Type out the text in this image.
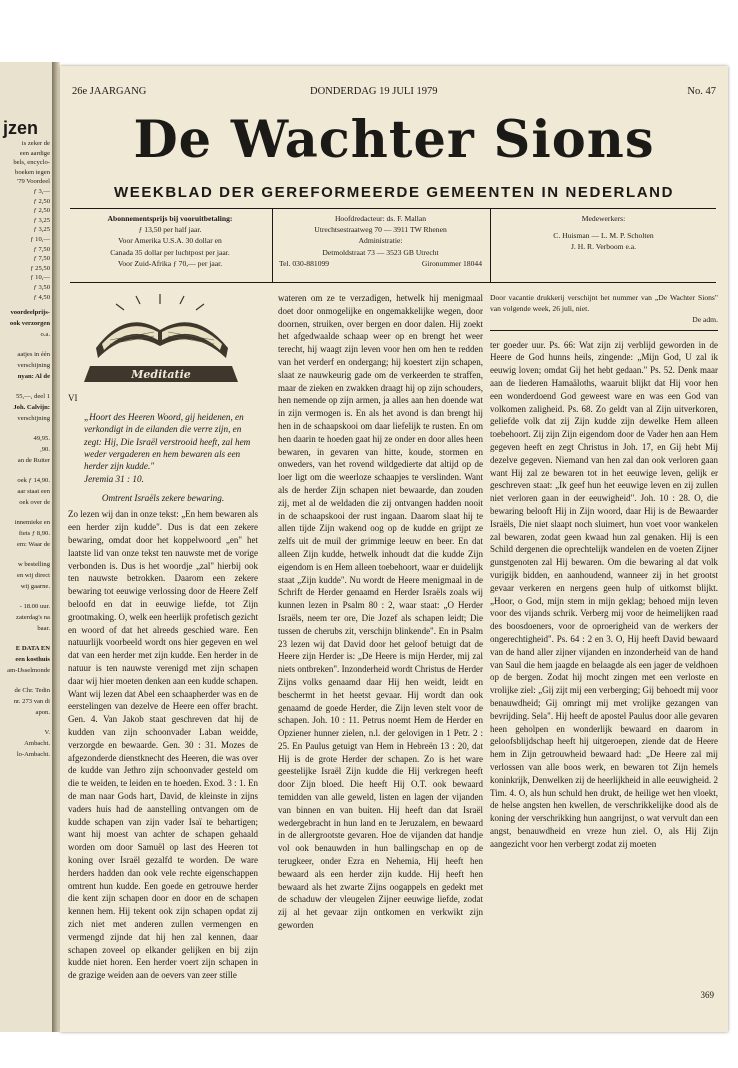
jzen
is zeker de
een aardige
bels, encyclo-
boeken tegen
'79 Voordeel
ƒ 3,—
ƒ 2,50
ƒ 2,50
ƒ 3,25
ƒ 3,25
ƒ 10,—
ƒ 7,50
ƒ 7,50
ƒ 25,50
ƒ 10,—
ƒ 3,50
ƒ 4,50
voordeelprijs-
ook verzorgen
o.a.
aatjes in één
verschijning
nyan: Al de
55,—, deel 1
Joh. Calvijn:
verschijning
49,95.
,90.
an de Ruiter
oek ƒ 14,90.
aar staat een
oek over de
innemieke en
fiets ƒ 8,90.
em: Waar de
w bestelling
en wij direct
wij gaarne.
- 18.00 uur.
zaterdag's na
baar.
E DATA EN
een kosthuis
am-IJsselmonde
de Chr. Tedin
nr. 273 van di
apon.
V.
Ambacht.
lo-Ambacht.
26e JAARGANG	DONDERDAG 19 JULI 1979	No. 47
De Wachter Sions
WEEKBLAD DER GEREFORMEERDE GEMEENTEN IN NEDERLAND
Abonnementsprijs bij vooruitbetaling:
ƒ 13,50 per half jaar.
Voor Amerika U.S.A. 30 dollar en
Canada 35 dollar per luchtpost per jaar.
Voor Zuid-Afrika ƒ 70,— per jaar.
Hoofdredacteur: ds. F. Mallan
Utrechtsestraatweg 70 — 3911 TW Rhenen
Administratie:
Detmoldstraat 73 — 3523 GB Utrecht
Tel. 030-881099	Gironummer 18044
Medewerkers:
C. Huisman — L. M. P. Scholten
J. H. R. Verboom e.a.
Meditatie
VI
„Hoort des Heeren Woord, gij heidenen, en verkondigt in de eilanden die verre zijn, en zegt: Hij, Die Israël verstrooid heeft, zal hem weder vergaderen en hem bewaren als een herder zijn kudde."
Jeremia 31 : 10.
Omtrent Israëls zekere bewaring.

Zo lezen wij dan in onze tekst: „En hem bewaren als een herder zijn kudde". Dus is dat een zekere bewaring, omdat door het koppelwoord „en" het laatste lid van onze tekst ten nauwste met de vorige verbonden is. Dus is het woordje „zal" hierbij ook ten nauwste betrokken. Daarom een zekere bewaring tot eeuwige verlossing door de Heere Zelf beloofd en dat in eeuwige liefde, tot Zijn grootmaking. O, welk een heerlijk profetisch gezicht en woord of dat het alreeds geschied ware. Een natuurlijk voorbeeld wordt ons hier gegeven en wel dat van een herder met zijn kudde. Een herder in de natuur is ten nauwste verenigd met zijn schapen daar wij hier moeten denken aan een kudde schapen. Want wij lezen dat Abel een schaapherder was en de eerstelingen van dezelve de Heere een offer bracht. Gen. 4. Van Jakob staat geschreven dat hij de kudden van zijn schoonvader Laban weidde, verzorgde en bewaarde. Gen. 30 : 31. Mozes de afgezonderde dienstknecht des Heeren, die was over de kudde van Jethro zijn schoonvader gesteld om die te weiden, te leiden en te hoeden. Exod. 3 : 1. En de man naar Gods hart, David, de kleinste in zijns vaders huis had de aanstelling ontvangen om de kudde schapen van zijn vader Isaï te behartigen; want hij moest van achter de schapen gehaald worden om door Samuël op last des Heeren tot koning over Israël gezalfd te worden. De ware herders hadden dan ook vele rechte eigenschappen omtrent hun kudde. Een goede en getrouwe herder die kent zijn schapen door en door en de schapen kennen hem. Hij tekent ook zijn schapen opdat zij zich niet met anderen zullen vermengen en vermengd zijnde dat hij hen zal kennen, daar schapen zoveel op elkander gelijken en bij zijn kudde niet horen. Een herder voert zijn schapen in de grazige weiden aan de oevers van zeer stille

wateren om ze te verzadigen, hetwelk hij menigmaal doet door onmogelijke en ongemakkelijke wegen, door doornen, struiken, over bergen en door dalen. Hij zoekt het afgedwaalde schaap weer op en brengt het weer terecht, hij waagt zijn leven voor hen om hen te redden van het verderf en ondergang; hij koestert zijn schapen, slaat ze nauwkeurig gade om de verkeerden te straffen, maar de zieken en zwakken draagt hij op zijn schouders, hen nemende op zijn armen, ja alles aan hen doende wat in zijn vermogen is. En als het avond is dan brengt hij hen in de schaapskooi om daar liefelijk te rusten. En om hen daarin te hoeden gaat hij ze onder en door alles heen bewaren, in gevaren van hitte, koude, stormen en onweders, van het rovend wildgedierte dat altijd op de loer ligt om die weerloze schaapjes te verslinden. Want als de herder Zijn schapen niet bewaarde, dan zouden zij, met al de weldaden die zij ontvangen hadden nooit in de schaapskooi der rust ingaan. Daarom slaat hij te allen tijde Zijn wakend oog op de kudde en grijpt ze zelfs uit de muil der grimmige leeuw en beer. En dat alleen Zijn kudde, hetwelk inhoudt dat die kudde Zijn eigendom is en Hem alleen toebehoort, waar er duidelijk staat „Zijn kudde". Nu wordt de Heere menigmaal in de Schrift de Herder genaamd en Herder Israëls zoals wij kunnen lezen in Psalm 80 : 2, waar staat: „O Herder Israëls, neem ter ore, Die Jozef als schapen leidt; Die tussen de cherubs zit, verschijn blinkende". En in Psalm 23 lezen wij dat David door het geloof betuigt dat de Heere zijn Herder is: „De Heere is mijn Herder, mij zal niets ontbreken". Inzonderheid wordt Christus de Herder Zijns volks genaamd daar Hij hen weidt, leidt en beschermt in het heetst gevaar. Hij wordt dan ook genaamd de goede Herder, die Zijn leven stelt voor de schapen. Joh. 10 : 11. Petrus noemt Hem de Herder en Opziener hunner zielen, n.l. der gelovigen in 1 Petr. 2 : 25. En Paulus getuigt van Hem in Hebreën 13 : 20, dat Hij is de grote Herder der schapen. Zo is het ware geestelijke Israël Zijn kudde die Hij verkregen heeft door Zijn bloed. Die heeft Hij O.T. ook bewaard temidden van alle geweld, listen en lagen der vijanden van binnen en van buiten. Hij heeft dan dat Israël wedergebracht in hun land en te Jeruzalem, en bewaard in de allergrootste gevaren. Hoe de vijanden dat handje vol ook benauwden in hun ballingschap en op de terugkeer, onder Ezra en Nehemia, Hij heeft hen bewaard als een herder zijn kudde. Hij heeft hen bewaard als het zwarte Zijns oogappels en gedekt met de schaduw der vleugelen Zijner eeuwige liefde, zodat zij al het gevaar zijn ontkomen en verkwikt zijn geworden

Door vacantie drukkerij verschijnt het nummer van „De Wachter Sions" van volgende week, 26 juli, niet.
De adm.

ter goeder uur. Ps. 66: Wat zijn zij verblijd geworden in de Heere de God hunns heils, zingende: „Mijn God, U zal ik eeuwig loven; omdat Gij het hebt gedaan." Ps. 52. Denk maar aan de liederen Hamaäloths, waaruit blijkt dat Hij voor hen een wonderdoend God geweest ware en was een God van volkomen zaligheid. Ps. 68. Zo geldt van al Zijn uitverkoren, geliefde volk dat zij Zijn kudde zijn dewelke Hem alleen toebehoort. Zij zijn Zijn eigendom door de Vader hen aan Hem gegeven heeft en zegt Christus in Joh. 17, en Gij hebt Mij dezelve gegeven. Niemand van hen zal dan ook verloren gaan want Hij zal ze bewaren tot in het eeuwige leven, gelijk er geschreven staat: „Ik geef hun het eeuwige leven en zij zullen niet verloren gaan in der eeuwigheid". Joh. 10 : 28. O, die bewaring belooft Hij in Zijn woord, daar Hij is de Bewaarder Israëls, Die niet slaapt noch sluimert, hun voet voor wankelen zal bewaren, zodat geen kwaad hun zal genaken. Hij is een Schild dergenen die oprechtelijk wandelen en de voeten Zijner gunstgenoten zal Hij bewaren. Om die bewaring al dat volk vurigijk bidden, en aanhoudend, wanneer zij in het grootst gevaar verkeren en nergens geen hulp of uitkomst blijkt. „Hoor, o God, mijn stem in mijn geklag; behoed mijn leven voor des vijands schrik. Verberg mij voor de heimelijken raad des boosdoeners, voor de oproerigheid van de werkers der ongerechtigheid". Ps. 64 : 2 en 3. O, Hij heeft David bewaard van de hand aller zijner vijanden en inzonderheid van de hand van Saul die hem jaagde en belaagde als een jager de veldhoen op de bergen. Zodat hij mocht zingen met een verloste en vrolijke ziel: „Gij zijt mij een verberging; Gij behoedt mij voor benauwdheid; Gij omringt mij met vrolijke gezangen van bevrijding. Sela". Hij heeft de apostel Paulus door alle gevaren heen geholpen en wonderlijk bewaard en daarom in geloofsblijdschap heeft hij uitgeroepen, ziende dat de Heere hem in Zijn getrouwheid bewaard had: „De Heere zal mij verlossen van alle boos werk, en bewaren tot Zijn hemels koninkrijk, Denwelken zij de heerlijkheid in alle eeuwigheid. 2 Tim. 4. O, als hun schuld hen drukt, de heilige wet hen vloekt, de helse angsten hen kwellen, de verschrikkelijke dood als de koning der verschrikking hun aangrijnst, o wat vervult dan een angst, benauwdheid en vreze hun ziel. O, als Hij Zijn aangezicht voor hen verbergt zodat zij moeten

369
